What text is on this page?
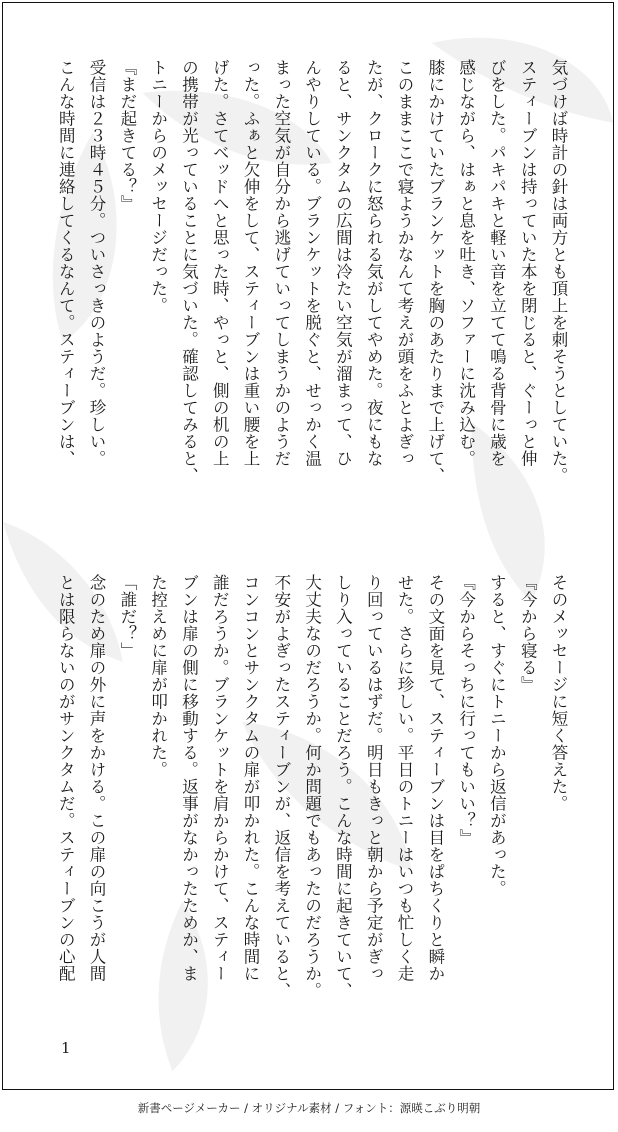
気づけば時計の針は両方とも頂上を刺そうとしていた。

スティーブンは持っていた本を閉じると、ぐーっと伸

びをした。パキパキと軽い音を立てて鳴る背骨に歳を

感じながら、はぁと息を吐き、ソファーに沈み込む。

膝にかけていたブランケットを胸のあたりまで上げて、

このままここで寝ようかなんて考えが頭をふとよぎっ

たが、クロークに怒られる気がしてやめた。夜にもな

ると、サンクタムの広間は冷たい空気が溜まって、ひ

んやりしている。ブランケットを脱ぐと、せっかく温

まった空気が自分から逃げていってしまうかのようだ

った。ふぁと欠伸をして、スティーブンは重い腰を上

げた。さてベッドへと思った時、やっと、側の机の上

の携帯が光っていることに気づいた。確認してみると、

トニーからのメッセージだった。

『まだ起きてる？』

受信は２３時４５分。ついさっきのようだ。珍しい。

こんな時間に連絡してくるなんて。スティーブンは、

そのメッセージに短く答えた。

『今から寝る』

すると、すぐにトニーから返信があった。

『今からそっちに行ってもいい？』

その文面を見て、スティーブンは目をぱちくりと瞬か

せた。さらに珍しい。平日のトニーはいつも忙しく走

り回っているはずだ。明日もきっと朝から予定がぎっ

しり入っていることだろう。こんな時間に起きていて、

大丈夫なのだろうか。何か問題でもあったのだろうか。

不安がよぎったスティーブンが、返信を考えていると、

コンコンとサンクタムの扉が叩かれた。こんな時間に

誰だろうか。ブランケットを肩からかけて、スティー

ブンは扉の側に移動する。返事がなかったためか、ま

た控えめに扉が叩かれた。

「誰だ？」

念のため扉の外に声をかける。この扉の向こうが人間

とは限らないのがサンクタムだ。スティーブンの心配

1
新書ページメーカー / オリジナル素材 / フォント：源暎こぶり明朝
